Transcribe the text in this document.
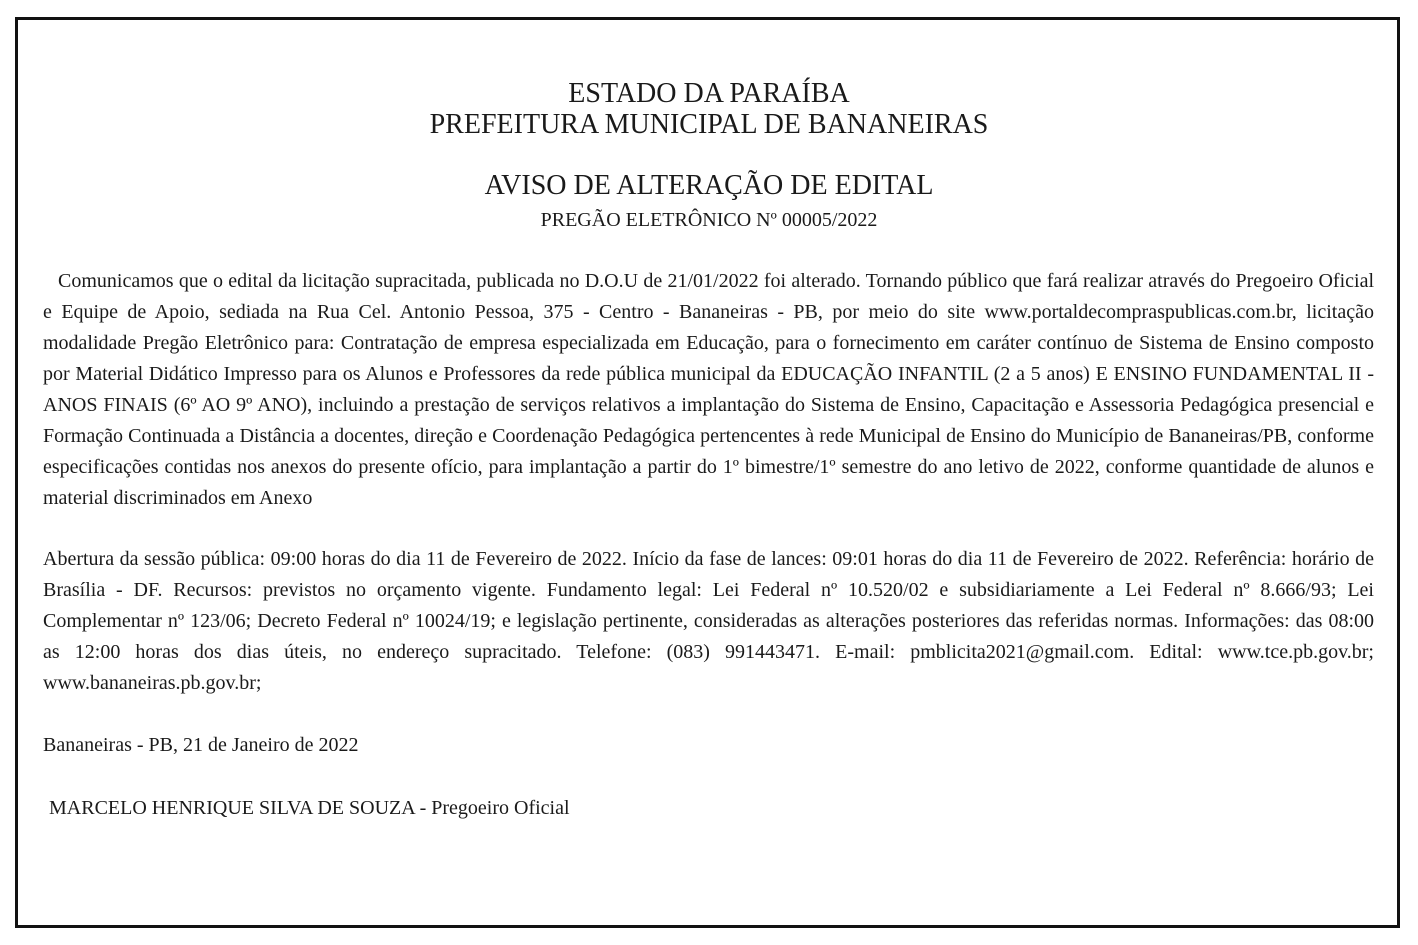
ESTADO DA PARAÍBA
PREFEITURA MUNICIPAL DE BANANEIRAS
AVISO DE ALTERAÇÃO DE EDITAL
PREGÃO ELETRÔNICO Nº 00005/2022

Comunicamos que o edital da licitação supracitada, publicada no D.O.U de 21/01/2022 foi alterado. Tornando público que fará realizar através do Pregoeiro Oficial e Equipe de Apoio, sediada na Rua Cel. Antonio Pessoa, 375 - Centro - Bananeiras - PB, por meio do site www.portaldecompraspublicas.com.br, licitação modalidade Pregão Eletrônico para: Contratação de empresa especializada em Educação, para o fornecimento em caráter contínuo de Sistema de Ensino composto por Material Didático Impresso para os Alunos e Professores da rede pública municipal da EDUCAÇÃO INFANTIL (2 a 5 anos) E ENSINO FUNDAMENTAL II - ANOS FINAIS (6º AO 9º ANO), incluindo a prestação de serviços relativos a implantação do Sistema de Ensino, Capacitação e Assessoria Pedagógica presencial e Formação Continuada a Distância a docentes, direção e Coordenação Pedagógica pertencentes à rede Municipal de Ensino do Município de Bananeiras/PB, conforme especificações contidas nos anexos do presente ofício, para implantação a partir do 1º bimestre/1º semestre do ano letivo de 2022, conforme quantidade de alunos e material discriminados em Anexo

Abertura da sessão pública: 09:00 horas do dia 11 de Fevereiro de 2022. Início da fase de lances: 09:01 horas do dia 11 de Fevereiro de 2022. Referência: horário de Brasília - DF. Recursos: previstos no orçamento vigente. Fundamento legal: Lei Federal nº 10.520/02 e subsidiariamente a Lei Federal nº 8.666/93; Lei Complementar nº 123/06; Decreto Federal nº 10024/19; e legislação pertinente, consideradas as alterações posteriores das referidas normas. Informações: das 08:00 as 12:00 horas dos dias úteis, no endereço supracitado. Telefone: (083) 991443471. E-mail: pmblicita2021@gmail.com. Edital: www.tce.pb.gov.br; www.bananeiras.pb.gov.br;

Bananeiras - PB, 21 de Janeiro de 2022

MARCELO HENRIQUE SILVA DE SOUZA - Pregoeiro Oficial
